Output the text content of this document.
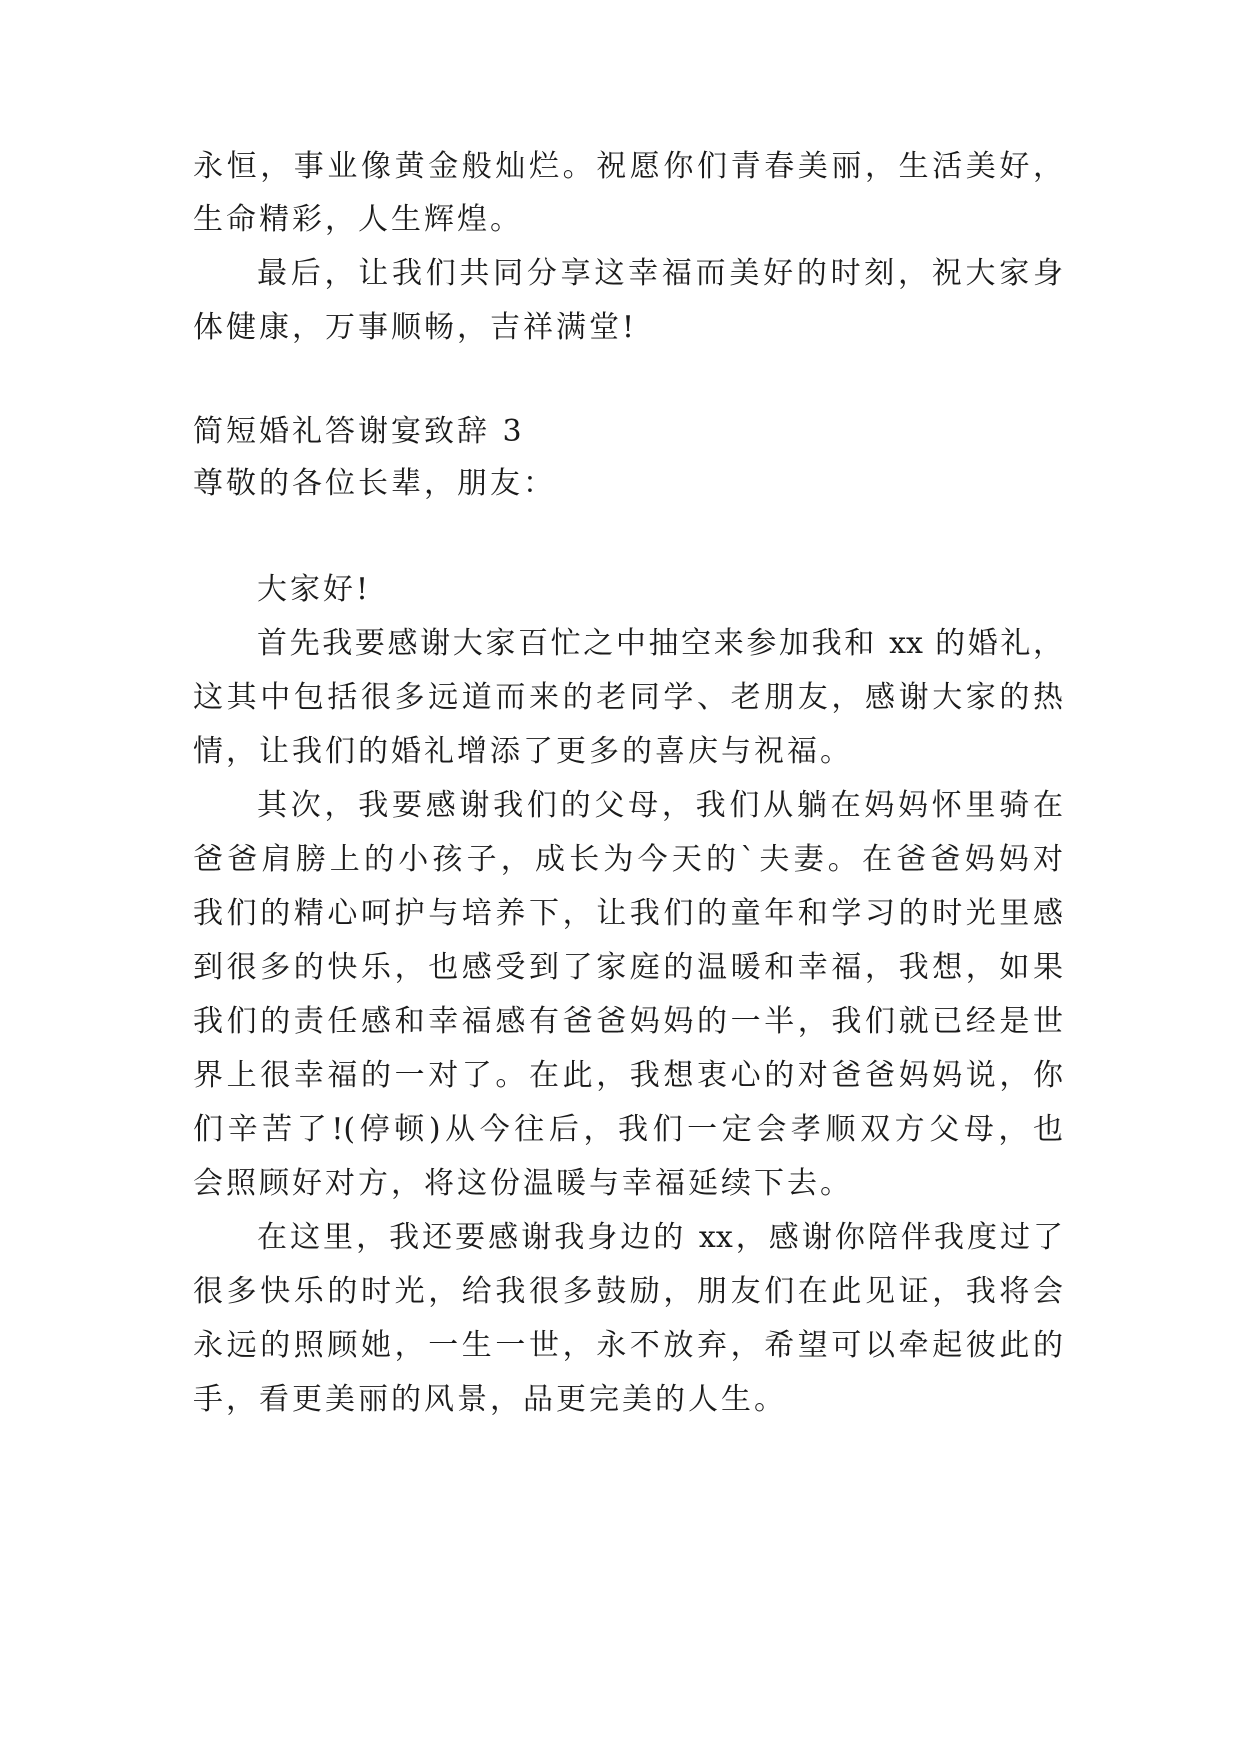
永恒，事业像黄金般灿烂。祝愿你们青春美丽，生活美好，
生命精彩，人生辉煌。
最后，让我们共同分享这幸福而美好的时刻，祝大家身
体健康，万事顺畅，吉祥满堂!
简短婚礼答谢宴致辞 3
尊敬的各位长辈，朋友：
大家好!
首先我要感谢大家百忙之中抽空来参加我和 xx 的婚礼，
这其中包括很多远道而来的老同学、老朋友，感谢大家的热
情，让我们的婚礼增添了更多的喜庆与祝福。
其次，我要感谢我们的父母，我们从躺在妈妈怀里骑在
爸爸肩膀上的小孩子，成长为今天的`夫妻。在爸爸妈妈对
我们的精心呵护与培养下，让我们的童年和学习的时光里感
到很多的快乐，也感受到了家庭的温暖和幸福，我想，如果
我们的责任感和幸福感有爸爸妈妈的一半，我们就已经是世
界上很幸福的一对了。在此，我想衷心的对爸爸妈妈说，你
们辛苦了!(停顿)从今往后，我们一定会孝顺双方父母，也
会照顾好对方，将这份温暖与幸福延续下去。
在这里，我还要感谢我身边的 xx，感谢你陪伴我度过了
很多快乐的时光，给我很多鼓励，朋友们在此见证，我将会
永远的照顾她，一生一世，永不放弃，希望可以牵起彼此的
手，看更美丽的风景，品更完美的人生。
